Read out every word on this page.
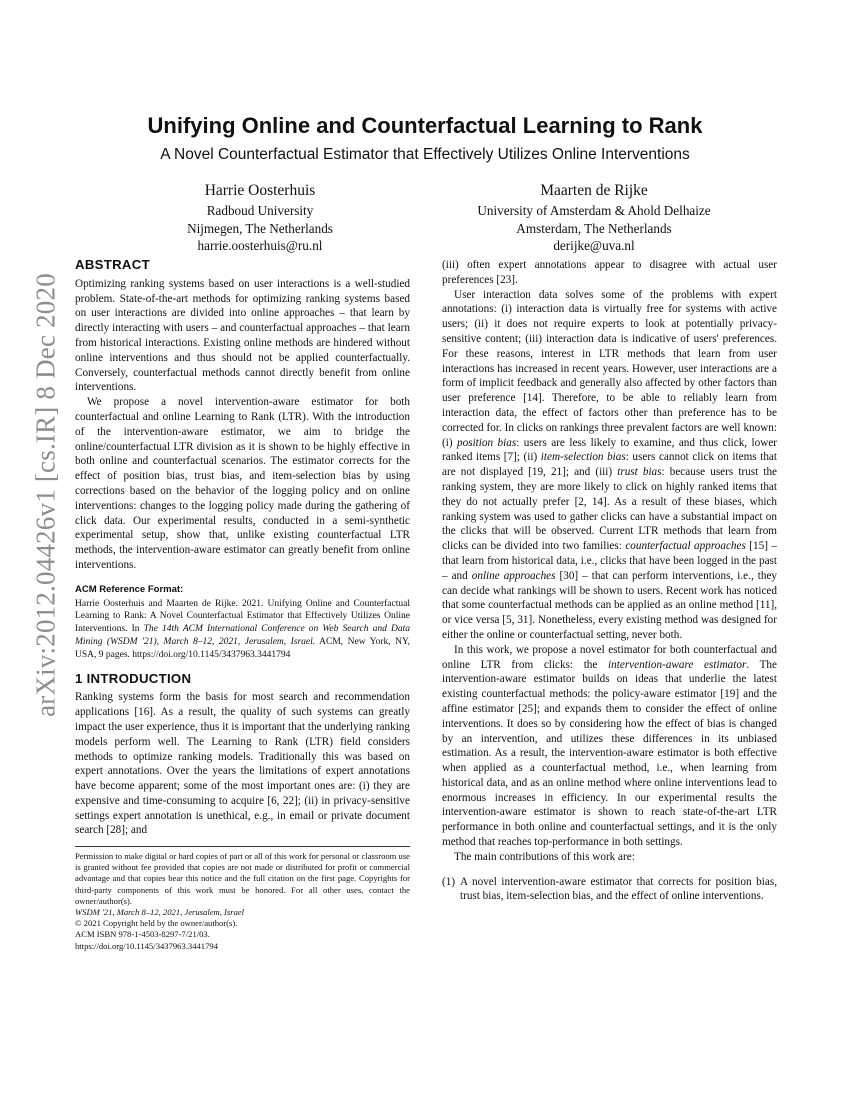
arXiv:2012.04426v1 [cs.IR] 8 Dec 2020
Unifying Online and Counterfactual Learning to Rank
A Novel Counterfactual Estimator that Effectively Utilizes Online Interventions
Harrie Oosterhuis
Radboud University
Nijmegen, The Netherlands
harrie.oosterhuis@ru.nl
Maarten de Rijke
University of Amsterdam & Ahold Delhaize
Amsterdam, The Netherlands
derijke@uva.nl
ABSTRACT

Optimizing ranking systems based on user interactions is a well-studied problem. State-of-the-art methods for optimizing ranking systems based on user interactions are divided into online approaches – that learn by directly interacting with users – and counterfactual approaches – that learn from historical interactions. Existing online methods are hindered without online interventions and thus should not be applied counterfactually. Conversely, counterfactual methods cannot directly benefit from online interventions.

We propose a novel intervention-aware estimator for both counterfactual and online Learning to Rank (LTR). With the introduction of the intervention-aware estimator, we aim to bridge the online/counterfactual LTR division as it is shown to be highly effective in both online and counterfactual scenarios. The estimator corrects for the effect of position bias, trust bias, and item-selection bias by using corrections based on the behavior of the logging policy and on online interventions: changes to the logging policy made during the gathering of click data. Our experimental results, conducted in a semi-synthetic experimental setup, show that, unlike existing counterfactual LTR methods, the intervention-aware estimator can greatly benefit from online interventions.

ACM Reference Format:

Harrie Oosterhuis and Maarten de Rijke. 2021. Unifying Online and Counterfactual Learning to Rank: A Novel Counterfactual Estimator that Effectively Utilizes Online Interventions. In The 14th ACM International Conference on Web Search and Data Mining (WSDM '21), March 8–12, 2021, Jerusalem, Israel. ACM, New York, NY, USA, 9 pages. https://doi.org/10.1145/3437963.3441794

1 INTRODUCTION

Ranking systems form the basis for most search and recommendation applications [16]. As a result, the quality of such systems can greatly impact the user experience, thus it is important that the underlying ranking models perform well. The Learning to Rank (LTR) field considers methods to optimize ranking models. Traditionally this was based on expert annotations. Over the years the limitations of expert annotations have become apparent; some of the most important ones are: (i) they are expensive and time-consuming to acquire [6, 22]; (ii) in privacy-sensitive settings expert annotation is unethical, e.g., in email or private document search [28]; and

Permission to make digital or hard copies of part or all of this work for personal or classroom use is granted without fee provided that copies are not made or distributed for profit or commercial advantage and that copies bear this notice and the full citation on the first page. Copyrights for third-party components of this work must be honored. For all other uses, contact the owner/author(s).
WSDM '21, March 8–12, 2021, Jerusalem, Israel
© 2021 Copyright held by the owner/author(s).
ACM ISBN 978-1-4503-8297-7/21/03.
https://doi.org/10.1145/3437963.3441794

(iii) often expert annotations appear to disagree with actual user preferences [23].

User interaction data solves some of the problems with expert annotations: (i) interaction data is virtually free for systems with active users; (ii) it does not require experts to look at potentially privacy-sensitive content; (iii) interaction data is indicative of users' preferences. For these reasons, interest in LTR methods that learn from user interactions has increased in recent years. However, user interactions are a form of implicit feedback and generally also affected by other factors than user preference [14]. Therefore, to be able to reliably learn from interaction data, the effect of factors other than preference has to be corrected for. In clicks on rankings three prevalent factors are well known: (i) position bias: users are less likely to examine, and thus click, lower ranked items [7]; (ii) item-selection bias: users cannot click on items that are not displayed [19, 21]; and (iii) trust bias: because users trust the ranking system, they are more likely to click on highly ranked items that they do not actually prefer [2, 14]. As a result of these biases, which ranking system was used to gather clicks can have a substantial impact on the clicks that will be observed. Current LTR methods that learn from clicks can be divided into two families: counterfactual approaches [15] – that learn from historical data, i.e., clicks that have been logged in the past – and online approaches [30] – that can perform interventions, i.e., they can decide what rankings will be shown to users. Recent work has noticed that some counterfactual methods can be applied as an online method [11], or vice versa [5, 31]. Nonetheless, every existing method was designed for either the online or counterfactual setting, never both.

In this work, we propose a novel estimator for both counterfactual and online LTR from clicks: the intervention-aware estimator. The intervention-aware estimator builds on ideas that underlie the latest existing counterfactual methods: the policy-aware estimator [19] and the affine estimator [25]; and expands them to consider the effect of online interventions. It does so by considering how the effect of bias is changed by an intervention, and utilizes these differences in its unbiased estimation. As a result, the intervention-aware estimator is both effective when applied as a counterfactual method, i.e., when learning from historical data, and as an online method where online interventions lead to enormous increases in efficiency. In our experimental results the intervention-aware estimator is shown to reach state-of-the-art LTR performance in both online and counterfactual settings, and it is the only method that reaches top-performance in both settings.

The main contributions of this work are:

(1) A novel intervention-aware estimator that corrects for position bias, trust bias, item-selection bias, and the effect of online interventions.
